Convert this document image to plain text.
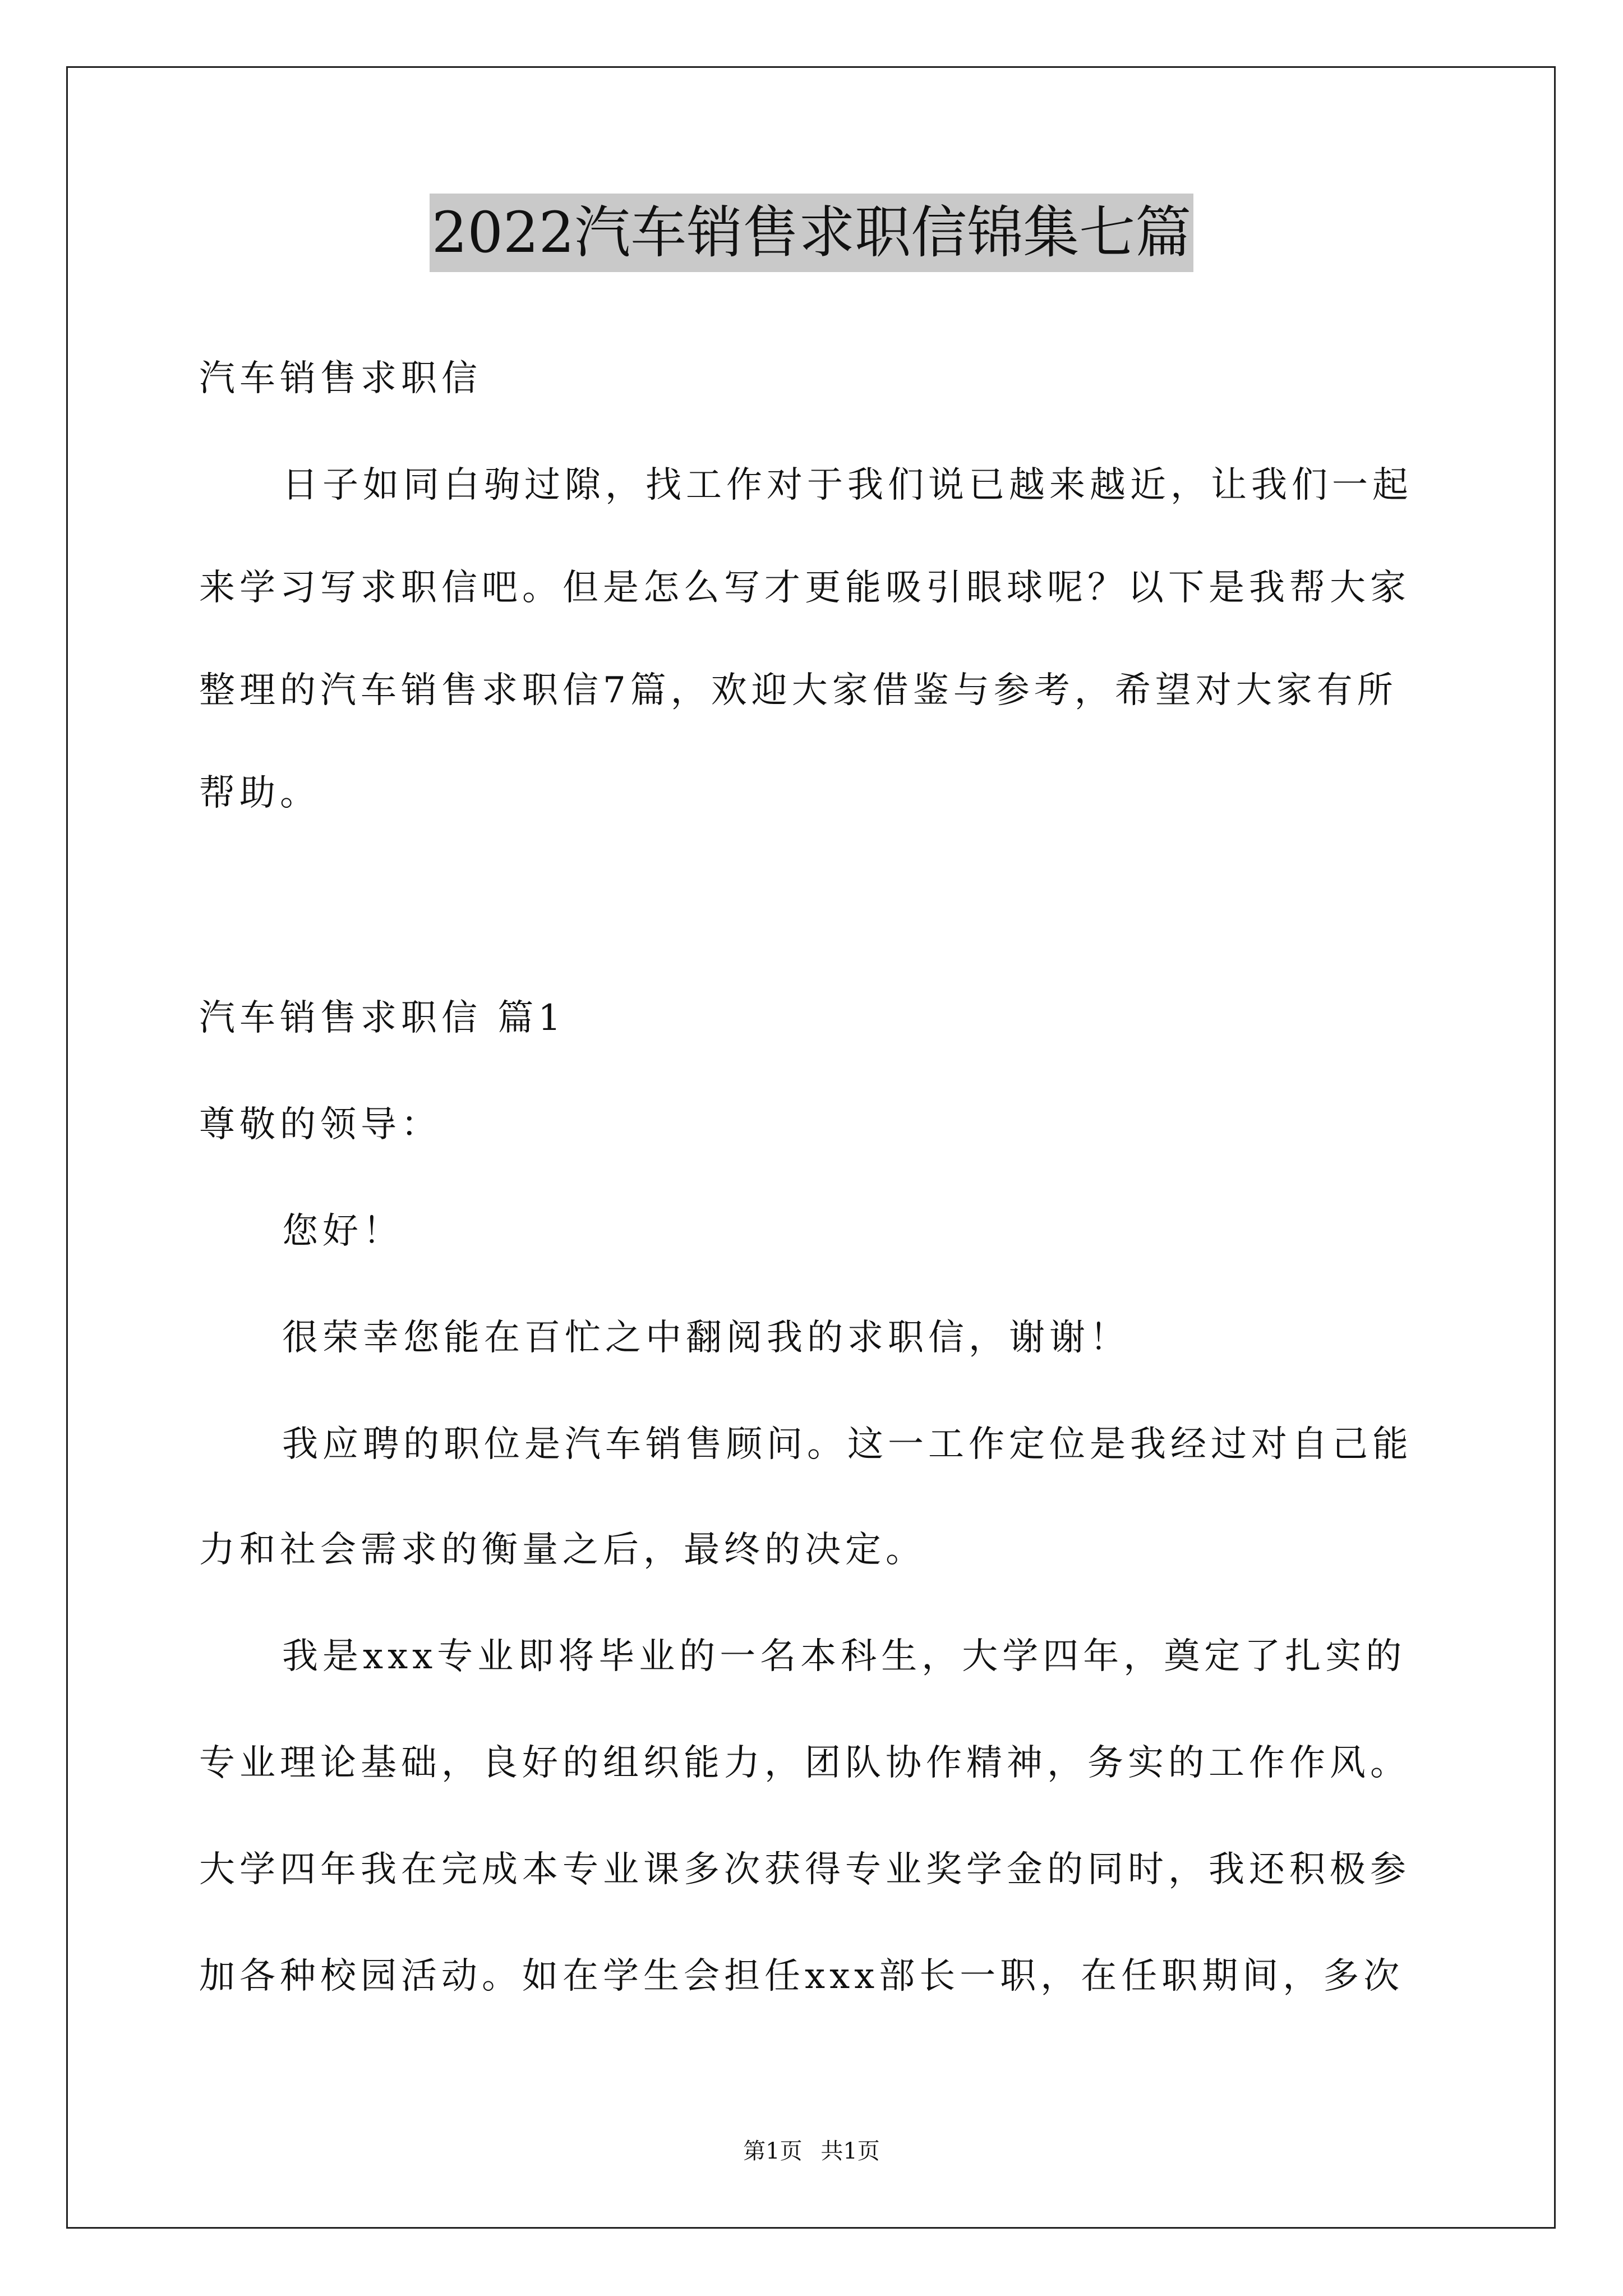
2022汽车销售求职信锦集七篇
汽车销售求职信
日子如同白驹过隙，找工作对于我们说已越来越近，让我们一起
来学习写求职信吧。但是怎么写才更能吸引眼球呢？以下是我帮大家
整理的汽车销售求职信7篇，欢迎大家借鉴与参考，希望对大家有所
帮助。
汽车销售求职信 篇1
尊敬的领导：
您好！
很荣幸您能在百忙之中翻阅我的求职信，谢谢！
我应聘的职位是汽车销售顾问。这一工作定位是我经过对自己能
力和社会需求的衡量之后，最终的决定。
我是xxx专业即将毕业的一名本科生，大学四年，奠定了扎实的
专业理论基础，良好的组织能力，团队协作精神，务实的工作作风。
大学四年我在完成本专业课多次获得专业奖学金的同时，我还积极参
加各种校园活动。如在学生会担任xxx部长一职，在任职期间，多次
第1页 共1页
